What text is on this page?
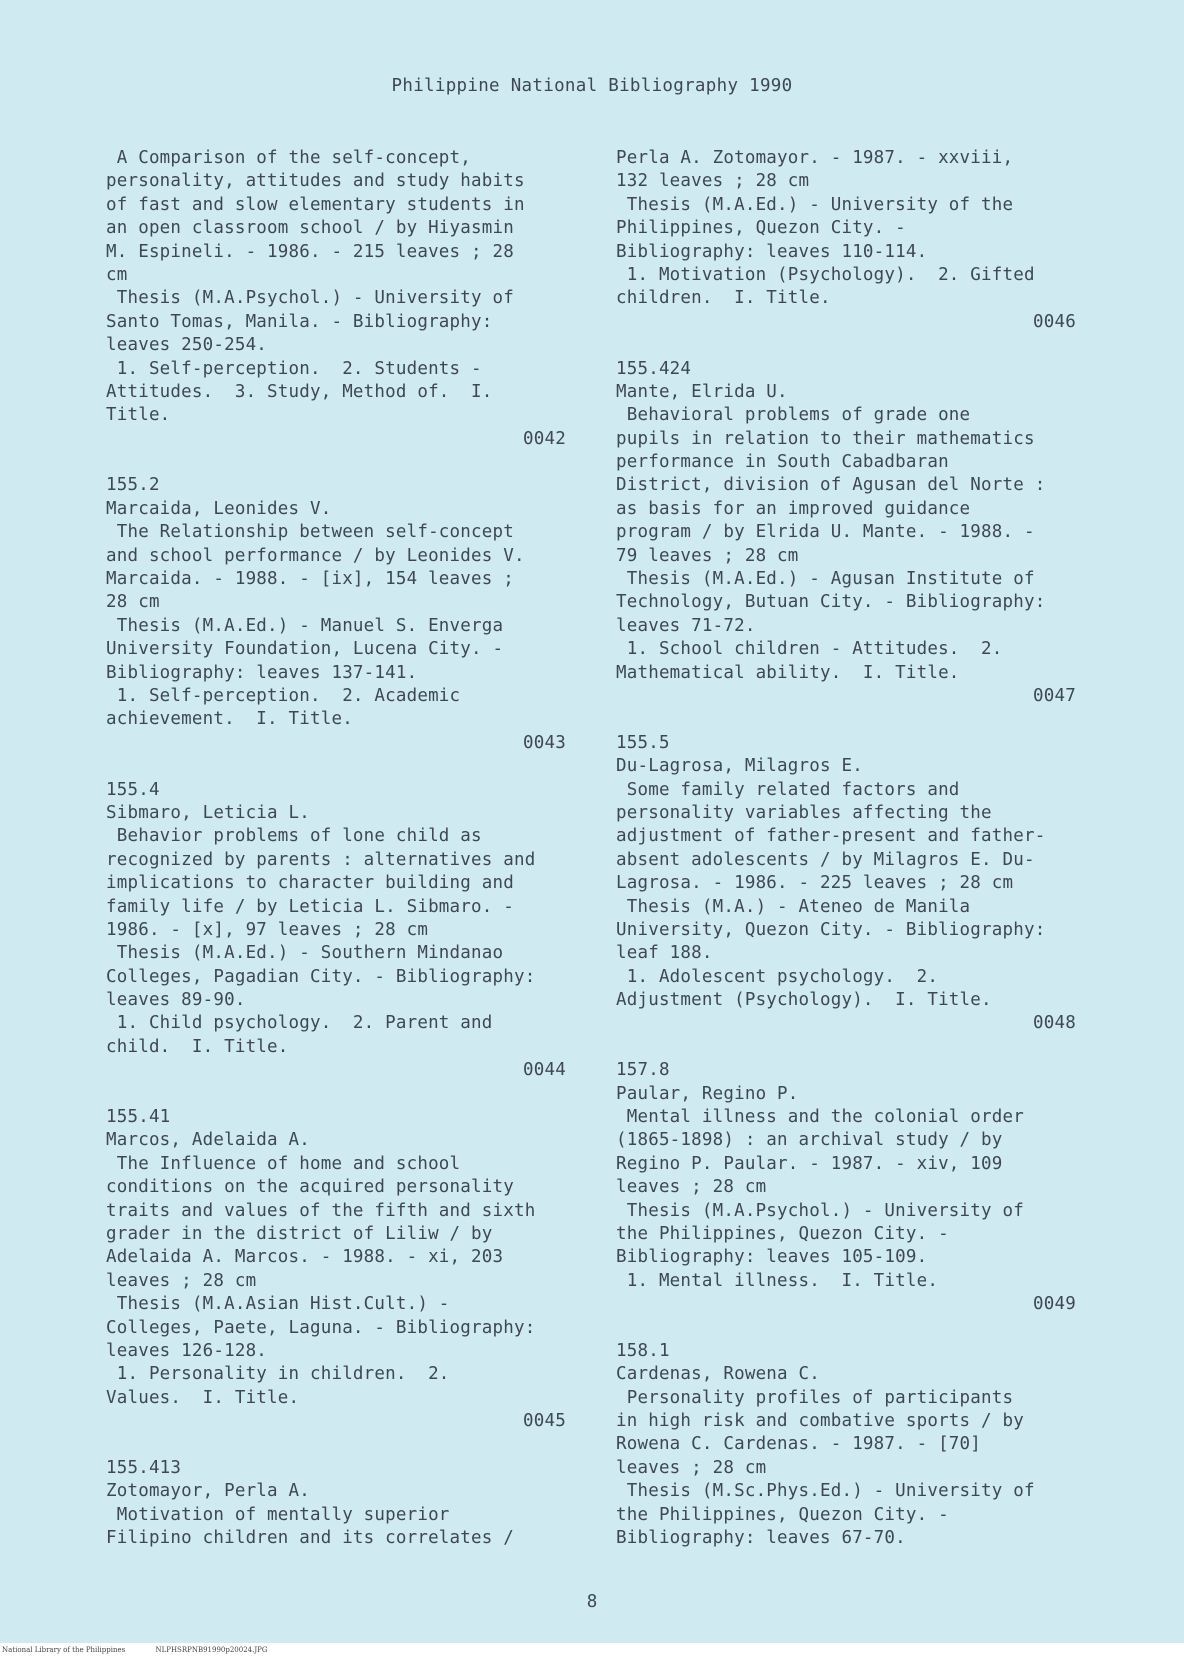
Philippine National Bibliography 1990
A Comparison of the self-concept,
personality, attitudes and study habits
of fast and slow elementary students in
an open classroom school / by Hiyasmin
M. Espineli. - 1986. - 215 leaves ; 28
cm
Thesis (M.A.Psychol.) - University of
Santo Tomas, Manila. - Bibliography:
leaves 250-254.
1. Self-perception.  2. Students -
Attitudes.  3. Study, Method of.  I.
Title.
0042
155.2
Marcaida, Leonides V.
The Relationship between self-concept
and school performance / by Leonides V.
Marcaida. - 1988. - [ix], 154 leaves ;
28 cm
Thesis (M.A.Ed.) - Manuel S. Enverga
University Foundation, Lucena City. -
Bibliography: leaves 137-141.
1. Self-perception.  2. Academic
achievement.  I. Title.
0043
155.4
Sibmaro, Leticia L.
Behavior problems of lone child as
recognized by parents : alternatives and
implications to character building and
family life / by Leticia L. Sibmaro. -
1986. - [x], 97 leaves ; 28 cm
Thesis (M.A.Ed.) - Southern Mindanao
Colleges, Pagadian City. - Bibliography:
leaves 89-90.
1. Child psychology.  2. Parent and
child.  I. Title.
0044
155.41
Marcos, Adelaida A.
The Influence of home and school
conditions on the acquired personality
traits and values of the fifth and sixth
grader in the district of Liliw / by
Adelaida A. Marcos. - 1988. - xi, 203
leaves ; 28 cm
Thesis (M.A.Asian Hist.Cult.) -
Colleges, Paete, Laguna. - Bibliography:
leaves 126-128.
1. Personality in children.  2.
Values.  I. Title.
0045
155.413
Zotomayor, Perla A.
Motivation of mentally superior
Filipino children and its correlates /
Perla A. Zotomayor. - 1987. - xxviii,
132 leaves ; 28 cm
Thesis (M.A.Ed.) - University of the
Philippines, Quezon City. -
Bibliography: leaves 110-114.
1. Motivation (Psychology).  2. Gifted
children.  I. Title.
0046
155.424
Mante, Elrida U.
Behavioral problems of grade one
pupils in relation to their mathematics
performance in South Cabadbaran
District, division of Agusan del Norte :
as basis for an improved guidance
program / by Elrida U. Mante. - 1988. -
79 leaves ; 28 cm
Thesis (M.A.Ed.) - Agusan Institute of
Technology, Butuan City. - Bibliography:
leaves 71-72.
1. School children - Attitudes.  2.
Mathematical ability.  I. Title.
0047
155.5
Du-Lagrosa, Milagros E.
Some family related factors and
personality variables affecting the
adjustment of father-present and father-
absent adolescents / by Milagros E. Du-
Lagrosa. - 1986. - 225 leaves ; 28 cm
Thesis (M.A.) - Ateneo de Manila
University, Quezon City. - Bibliography:
leaf 188.
1. Adolescent psychology.  2.
Adjustment (Psychology).  I. Title.
0048
157.8
Paular, Regino P.
Mental illness and the colonial order
(1865-1898) : an archival study / by
Regino P. Paular. - 1987. - xiv, 109
leaves ; 28 cm
Thesis (M.A.Psychol.) - University of
the Philippines, Quezon City. -
Bibliography: leaves 105-109.
1. Mental illness.  I. Title.
0049
158.1
Cardenas, Rowena C.
Personality profiles of participants
in high risk and combative sports / by
Rowena C. Cardenas. - 1987. - [70]
leaves ; 28 cm
Thesis (M.Sc.Phys.Ed.) - University of
the Philippines, Quezon City. -
Bibliography: leaves 67-70.
8
National Library of the Philippines	NLPHSRPNB91990p20024.JPG
